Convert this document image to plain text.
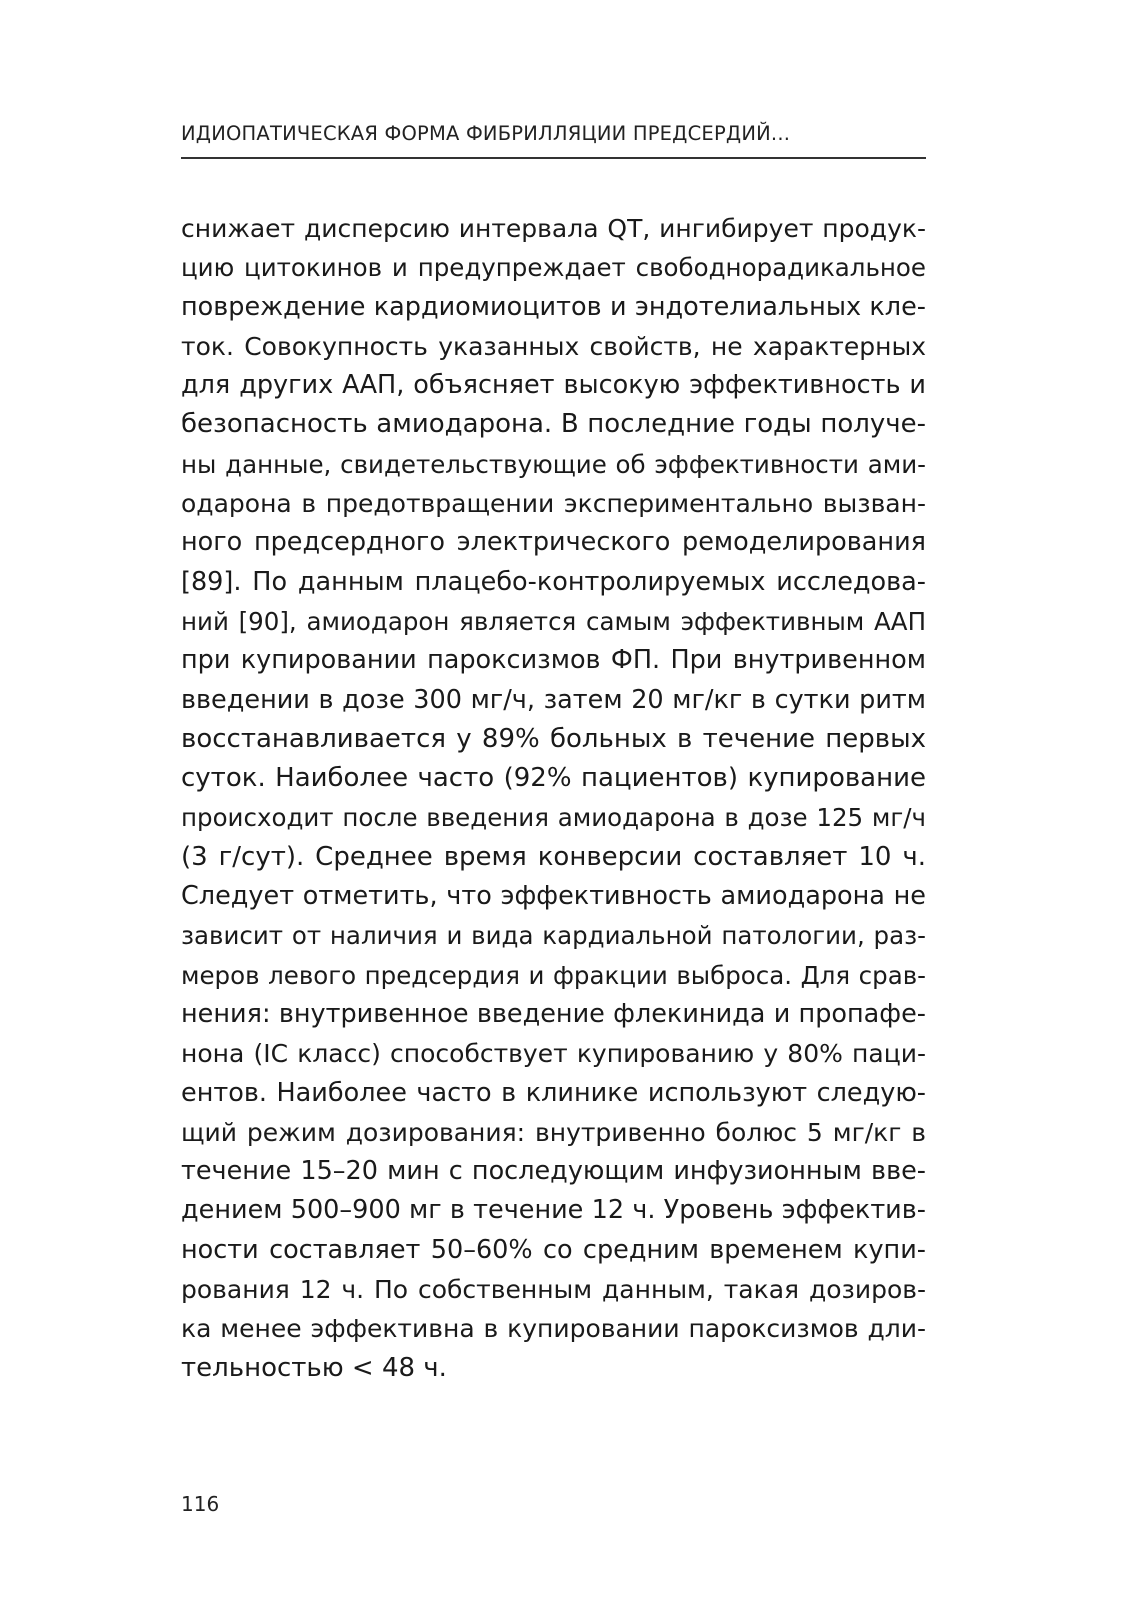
ИДИОПАТИЧЕСКАЯ ФОРМА ФИБРИЛЛЯЦИИ ПРЕДСЕРДИЙ...
снижает дисперсию интервала QT, ингибирует продук-
цию цитокинов и предупреждает свободнорадикальное
повреждение кардиомиоцитов и эндотелиальных кле-
ток. Совокупность указанных свойств, не характерных
для других ААП, объясняет высокую эффективность и
безопасность амиодарона. В последние годы получе-
ны данные, свидетельствующие об эффективности ами-
одарона в предотвращении экспериментально вызван-
ного предсердного электрического ремоделирования
[89]. По данным плацебо-контролируемых исследова-
ний [90], амиодарон является самым эффективным ААП
при купировании пароксизмов ФП. При внутривенном
введении в дозе 300 мг/ч, затем 20 мг/кг в сутки ритм
восстанавливается у 89% больных в течение первых
суток. Наиболее часто (92% пациентов) купирование
происходит после введения амиодарона в дозе 125 мг/ч
(3 г/сут). Среднее время конверсии составляет 10 ч.
Следует отметить, что эффективность амиодарона не
зависит от наличия и вида кардиальной патологии, раз-
меров левого предсердия и фракции выброса. Для срав-
нения: внутривенное введение флекинида и пропафе-
нона (IC класс) способствует купированию у 80% паци-
ентов. Наиболее часто в клинике используют следую-
щий режим дозирования: внутривенно болюс 5 мг/кг в
течение 15–20 мин с последующим инфузионным вве-
дением 500–900 мг в течение 12 ч. Уровень эффектив-
ности составляет 50–60% со средним временем купи-
рования 12 ч. По собственным данным, такая дозиров-
ка менее эффективна в купировании пароксизмов дли-
тельностью < 48 ч.
116
